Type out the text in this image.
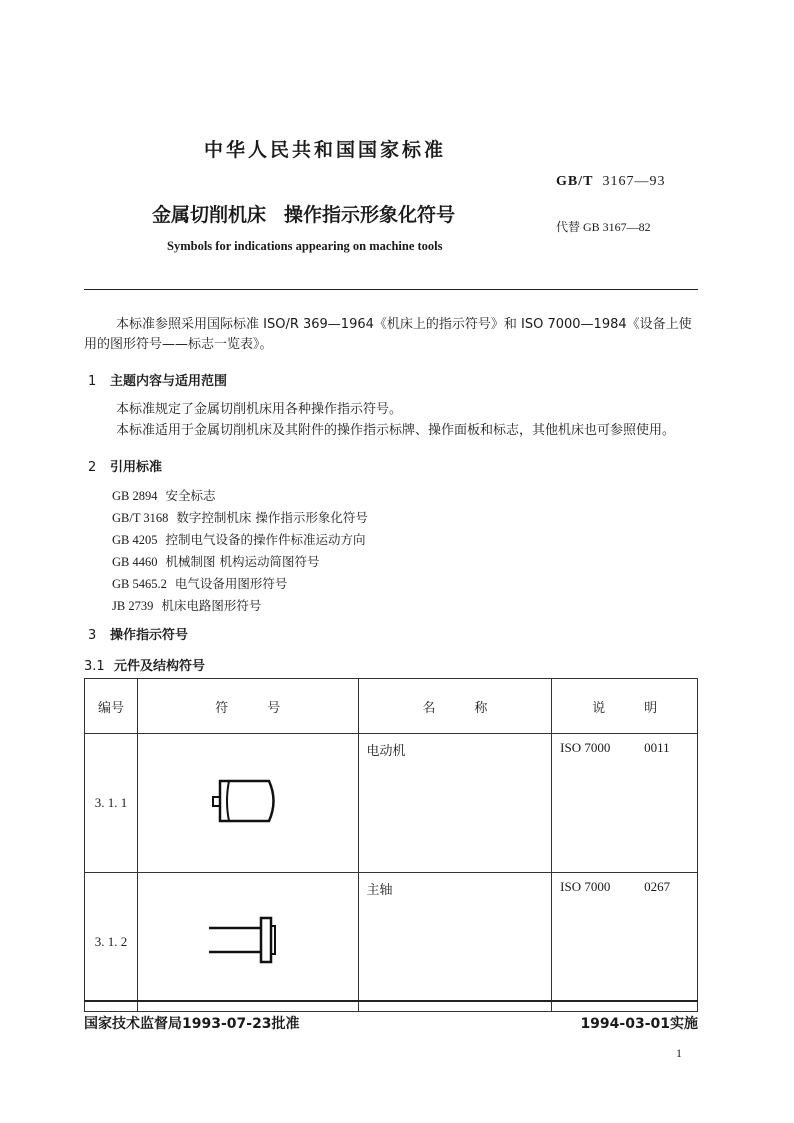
中华人民共和国国家标准
GB/T 3167—93
金属切削机床 操作指示形象化符号
代替 GB 3167—82
Symbols for indications appearing on machine tools
本标准参照采用国际标准 ISO/R 369—1964《机床上的指示符号》和 ISO 7000—1984《设备上使用的图形符号——标志一览表》。
1 主题内容与适用范围
本标准规定了金属切削机床用各种操作指示符号。
本标准适用于金属切削机床及其附件的操作指示标牌、操作面板和标志，其他机床也可参照使用。
2 引用标准
GB 2894 安全标志
GB/T 3168 数字控制机床 操作指示形象化符号
GB 4205 控制电气设备的操作件标准运动方向
GB 4460 机械制图 机构运动简图符号
GB 5465.2 电气设备用图形符号
JB 2739 机床电路图形符号
3 操作指示符号
3.1 元件及结构符号
编号	符　　　号	名　　　称	说　　　明
3. 1. 1		电动机	ISO 7000 0011
3. 1. 2		主轴	ISO 7000 0267
国家技术监督局1993-07-23批准	1994-03-01实施
1
